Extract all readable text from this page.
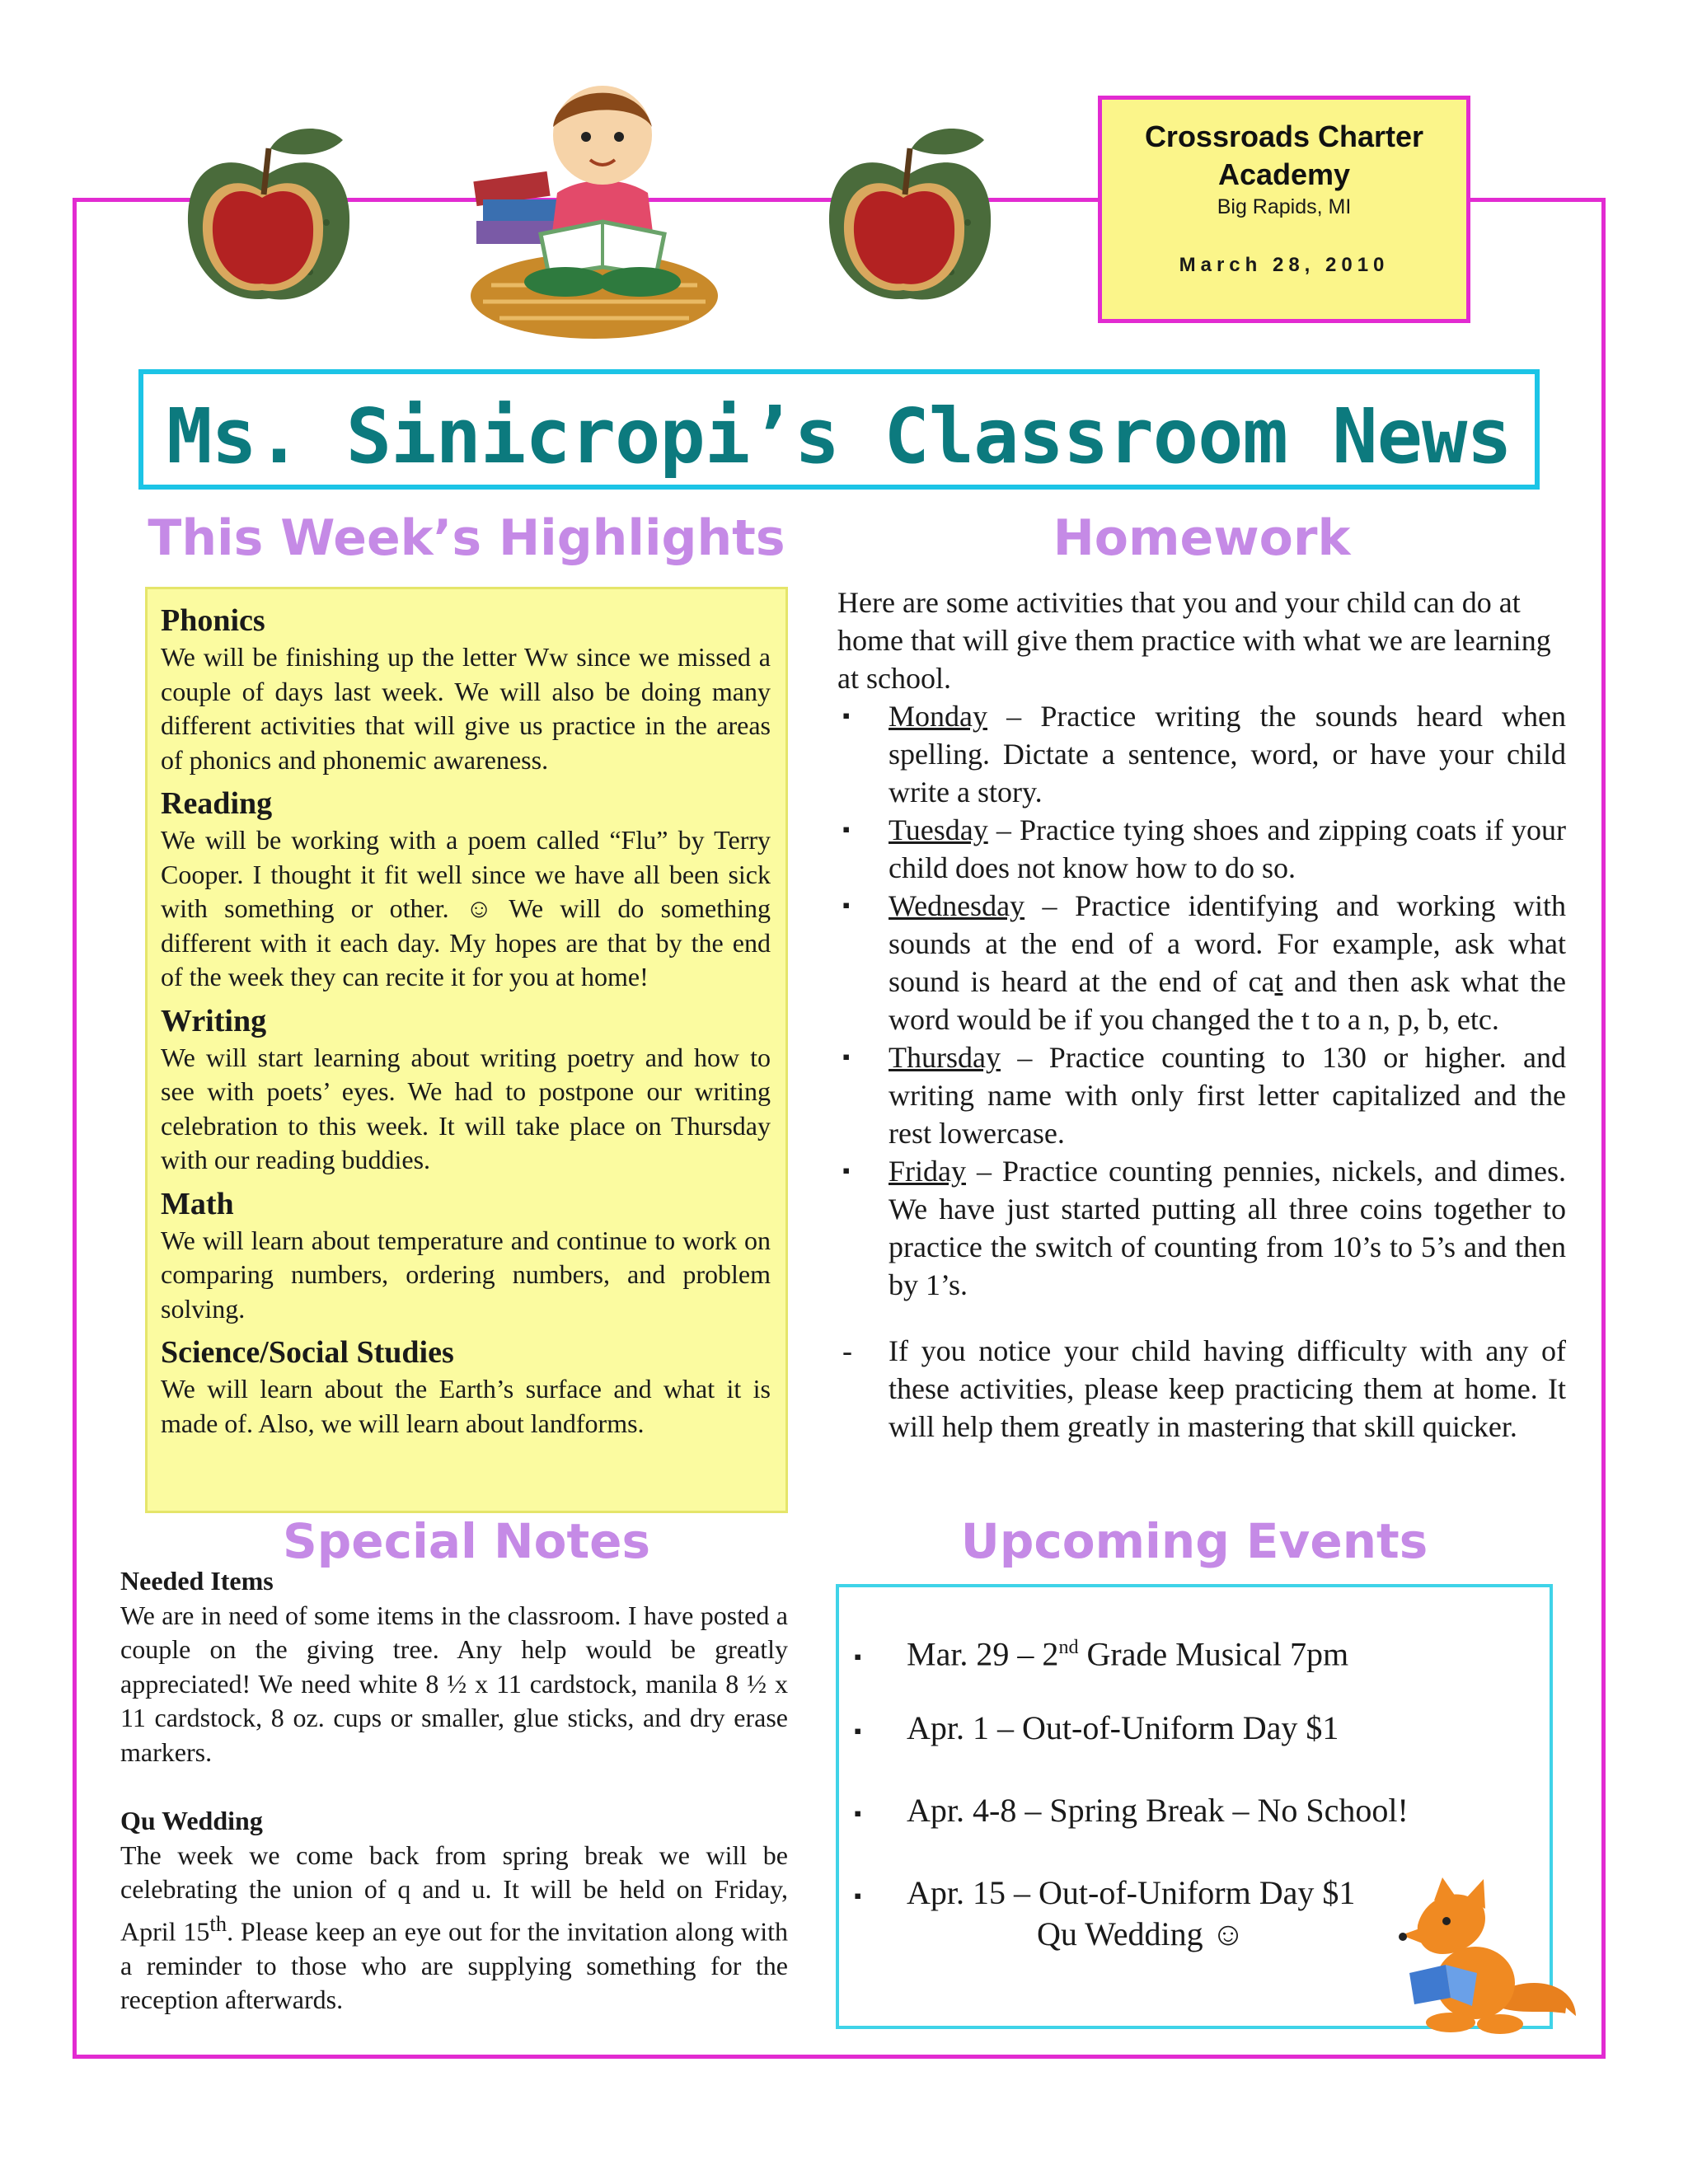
Crossroads Charter Academy
Big Rapids, MI
March 28, 2010
Ms. Sinicropi’s Classroom News
This Week’s Highlights	Homework
Phonics

We will be finishing up the letter Ww since we missed a couple of days last week. We will also be doing many different activities that will give us practice in the areas of phonics and phonemic awareness.

Reading

We will be working with a poem called “Flu” by Terry Cooper. I thought it fit well since we have all been sick with something or other. ☺ We will do something different with it each day. My hopes are that by the end of the week they can recite it for you at home!

Writing

We will start learning about writing poetry and how to see with poets’ eyes. We had to postpone our writing celebration to this week. It will take place on Thursday with our reading buddies.

Math

We will learn about temperature and continue to work on comparing numbers, ordering numbers, and problem solving.

Science/Social Studies

We will learn about the Earth’s surface and what it is made of. Also, we will learn about landforms.

Here are some activities that you and your child can do at home that will give them practice with what we are learning at school.

▪ Monday – Practice writing the sounds heard when spelling. Dictate a sentence, word, or have your child write a story.
▪ Tuesday – Practice tying shoes and zipping coats if your child does not know how to do so.
▪ Wednesday – Practice identifying and working with sounds at the end of a word. For example, ask what sound is heard at the end of cat and then ask what the word would be if you changed the t to a n, p, b, etc.
▪ Thursday – Practice counting to 130 or higher. and writing name with only first letter capitalized and the rest lowercase.
▪ Friday – Practice counting pennies, nickels, and dimes. We have just started putting all three coins together to practice the switch of counting from 10’s to 5’s and then by 1’s.
- If you notice your child having difficulty with any of these activities, please keep practicing them at home. It will help them greatly in mastering that skill quicker.
Special Notes
Needed Items

We are in need of some items in the classroom. I have posted a couple on the giving tree. Any help would be greatly appreciated! We need white 8 ½ x 11 cardstock, manila 8 ½ x 11 cardstock, 8 oz. cups or smaller, glue sticks, and dry erase markers.

Qu Wedding

The week we come back from spring break we will be celebrating the union of q and u. It will be held on Friday, April 15th. Please keep an eye out for the invitation along with a reminder to those who are supplying something for the reception afterwards.

Upcoming Events
▪ Mar. 29 – 2nd Grade Musical 7pm
▪ Apr. 1 – Out-of-Uniform Day $1
▪ Apr. 4-8 – Spring Break – No School!
▪ Apr. 15 – Out-of-Uniform Day $1
Qu Wedding ☺
